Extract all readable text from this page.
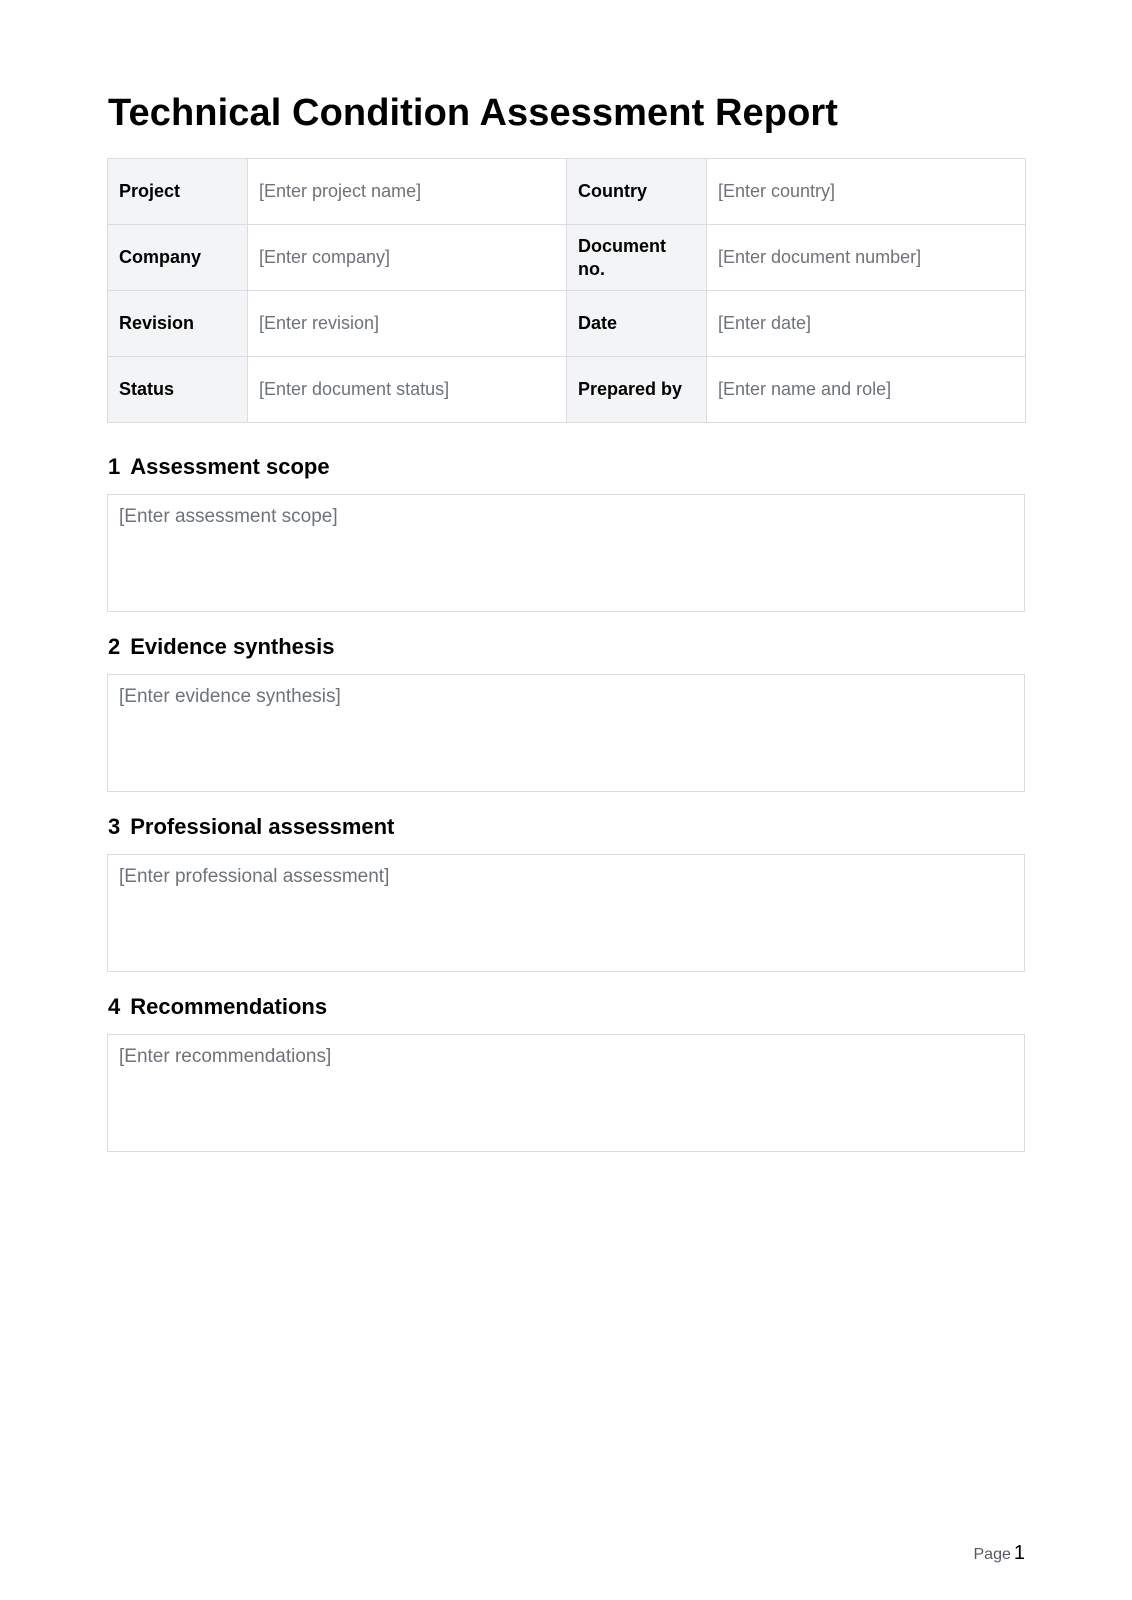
Technical Condition Assessment Report
Project	[Enter project name]	Country	[Enter country]
Company	[Enter company]	Document no.	[Enter document number]
Revision	[Enter revision]	Date	[Enter date]
Status	[Enter document status]	Prepared by	[Enter name and role]
1 Assessment scope
[Enter assessment scope]
2 Evidence synthesis
[Enter evidence synthesis]
3 Professional assessment
[Enter professional assessment]
4 Recommendations
[Enter recommendations]
Page 1
